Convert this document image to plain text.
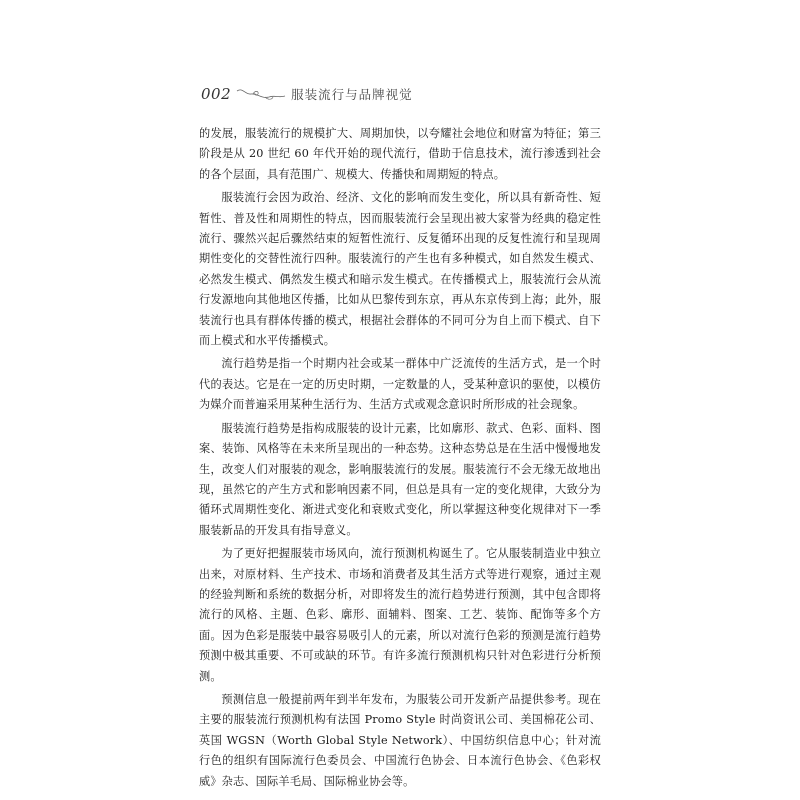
002	服装流行与品牌视觉

的发展，服装流行的规模扩大、周期加快，以夸耀社会地位和财富为特征；第三阶段是从 20 世纪 60 年代开始的现代流行，借助于信息技术，流行渗透到社会的各个层面，具有范围广、规模大、传播快和周期短的特点。

服装流行会因为政治、经济、文化的影响而发生变化，所以具有新奇性、短暂性、普及性和周期性的特点，因而服装流行会呈现出被大家誉为经典的稳定性流行、骤然兴起后骤然结束的短暂性流行、反复循环出现的反复性流行和呈现周期性变化的交替性流行四种。服装流行的产生也有多种模式，如自然发生模式、必然发生模式、偶然发生模式和暗示发生模式。在传播模式上，服装流行会从流行发源地向其他地区传播，比如从巴黎传到东京，再从东京传到上海；此外，服装流行也具有群体传播的模式，根据社会群体的不同可分为自上而下模式、自下而上模式和水平传播模式。

流行趋势是指一个时期内社会或某一群体中广泛流传的生活方式，是一个时代的表达。它是在一定的历史时期，一定数量的人，受某种意识的驱使，以模仿为媒介而普遍采用某种生活行为、生活方式或观念意识时所形成的社会现象。

服装流行趋势是指构成服装的设计元素，比如廓形、款式、色彩、面料、图案、装饰、风格等在未来所呈现出的一种态势。这种态势总是在生活中慢慢地发生，改变人们对服装的观念，影响服装流行的发展。服装流行不会无缘无故地出现，虽然它的产生方式和影响因素不同，但总是具有一定的变化规律，大致分为循环式周期性变化、渐进式变化和衰败式变化，所以掌握这种变化规律对下一季服装新品的开发具有指导意义。

为了更好把握服装市场风向，流行预测机构诞生了。它从服装制造业中独立出来，对原材料、生产技术、市场和消费者及其生活方式等进行观察，通过主观的经验判断和系统的数据分析，对即将发生的流行趋势进行预测，其中包含即将流行的风格、主题、色彩、廓形、面辅料、图案、工艺、装饰、配饰等多个方面。因为色彩是服装中最容易吸引人的元素，所以对流行色彩的预测是流行趋势预测中极其重要、不可或缺的环节。有许多流行预测机构只针对色彩进行分析预测。

预测信息一般提前两年到半年发布，为服装公司开发新产品提供参考。现在主要的服装流行预测机构有法国 Promo Style 时尚资讯公司、美国棉花公司、英国 WGSN（Worth Global Style Network）、中国纺织信息中心；针对流行色的组织有国际流行色委员会、中国流行色协会、日本流行色协会、《色彩权威》杂志、国际羊毛局、国际棉业协会等。
